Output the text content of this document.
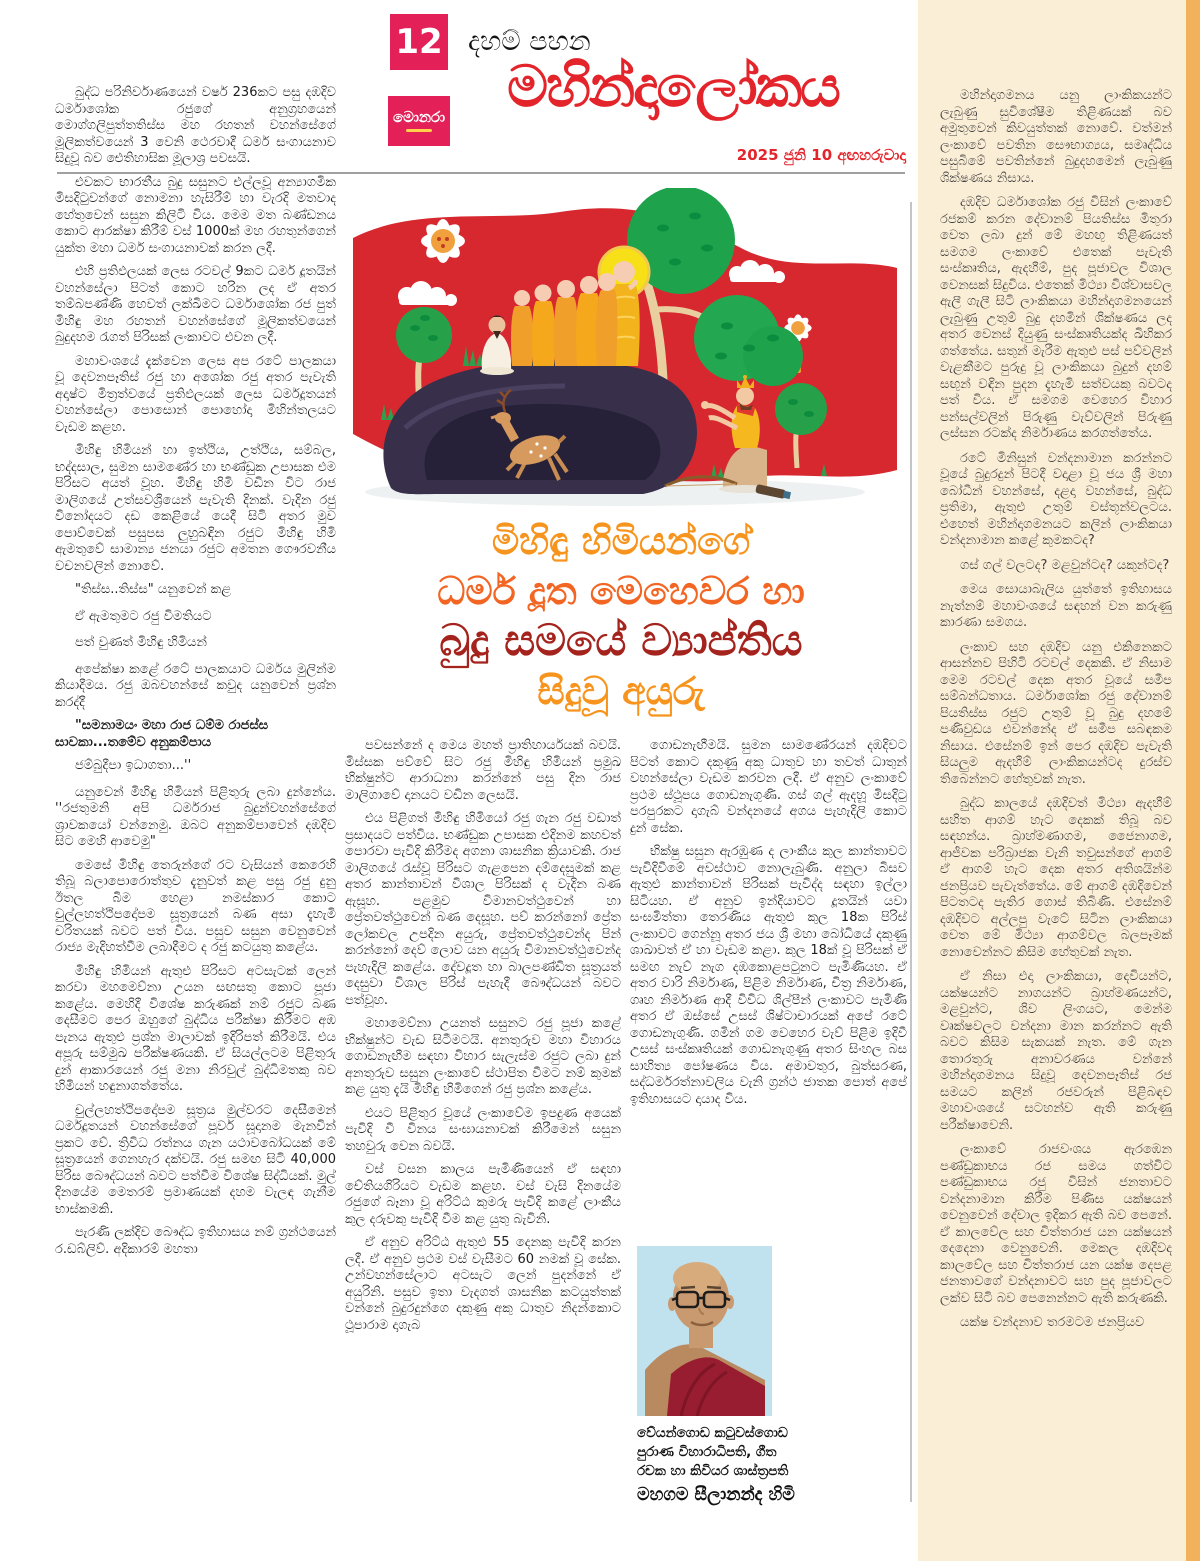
12
මොනරා
දහම් පහන
මහින්දාලෝකය
2025 ජුනි 10 අඟහරුවාදා
මිහිඳු හිමියන්ගේ
ධර්ම දූත මෙහෙවර හා
බුදු සමයේ ව්‍යාප්තිය
සිදුවූ අයුරු

බුද්ධ පරිනිර්වාණයෙන් වර්ෂ 236කට පසු දඹදිව ධර්මාශෝක රජුගේ අනුග්‍රහයෙන් මොග්ගලිපුත්තතිස්ස මහ රහතන් වහන්සේගේ මූලිකත්වයෙන් 3 වෙනි ථෙරවාදී ධර්ම සංගායනාව සිදුවූ බව ඓතිහාසික මූලාශ්‍ර පවසයි.

එවකට භාරතීය බුදු සසුනට එල්ලවූ අන්‍යාගමික මිසදිටුවන්ගේ නොමනා හැසිරීම් හා වැරදි මතවාද හේතුවෙන් සසුන කිලිටි විය. මෙම මත බණ්ඩනය කොට ආරක්ෂා කිරීම් වස් 1000ක් මහ රහතුන්ගෙන් යුක්ත මහා ධර්ම සංගායනාවක් කරන ලදී.

එහි ප්‍රතිඵලයක් ලෙස රටවල් 9කට ධර්ම දූතයින් වහන්සේලා පිටත් කොට හරින ලද ඒ අතර තම්බපණ්ණි හෙවත් ලක්ඛිමට ධර්මාශෝක රජ පුත් මිහිඳු මහ රහතන් වහන්සේගේ මූලිකත්වයෙන් බුදුදහම රැගත් පිරිසක් ලංකාවට එවන ලදී.

මහාවංශයේ දැක්වෙන ලෙස අප රටේ පාලකයා වූ දෙවනපෑතිස් රජු හා අශෝක රජු අතර පැවැති අදෘෂ්ට මිත්‍රත්වයේ ප්‍රතිඵලයක් ලෙස ධර්මදූතයන් වහන්සේලා පොසොන් පොහෝදා මිහින්තලයට වැඩම කළහ.

මිහිඳු හිමියන් හා ඉත්ථිය, උත්ථිය, සම්බල, භද්දසාල, සුමන සාමණේර හා භණ්ඩුක උපාසක එම පිරිසට අයත් වූහ. මිහිඳු හිමි වඩින විට රාජ මාලිගයේ උත්සවශ්‍රීයෙන් පැවැති දිනක්. වැදින රජු විනෝදයට දඩ කෙළියේ යෙදී සිටි අතර මුව පොව්වෙක් පසුපස ලුහුබඳින රජුට මිහිඳු හිමි ඇමතුවේ සාමාන්‍ය ජනයා රජුට අමතන ගෞරවනීය වචනවලින් නොවේ.

"තිස්ස..තිස්ස" යනුවෙන් කළ

ඒ ඇමතුමට රජු විමතියට

පත් වුණත් මිහිඳු හිමියන්

අපේක්ෂා කළේ රටේ පාලකයාට ධර්මය මුලින්ම කියාදීමය. රජු ඔබවහන්සේ කවුද යනුවෙන් ප්‍රශ්න කරද්දී

"සමනාමයං මහා රාජ ධම්ම රාජස්ස සාවකා...තමේව අනුකම්පාය

ජම්බුදීපා ඉධාගතා...''

යනුවෙන් මිහිඳු හිමියන් පිළිතුරු ලබා දුන්නේය. ''රජතුමනි අපි ධර්මරාජ බුදුන්වහන්සේගේ ශ්‍රාවකයෝ වන්නෙමු. ඔබට අනුකම්පාවෙන් දඹදිව සිට මෙහි ආවෙමු"

මෙසේ මිහිඳු තෙරුන්ගේ රට වැසියන් කෙරෙහි තිබූ බලාපොරොත්තුව දැනුවත් කළ පසු රජු දුනු ඊතල බිම හෙළා නමස්කාර කොට චුල්ලහත්ථිපදෝපම සූත්‍රයෙන් බණ අසා දැහැමි චරිතයක් බවට පත් විය. පසුව සසුන වෙනුවෙන් රාජ්‍ය මැදිහත්වීම ලබාදීමට ද රජු කටයුතු කළේය.

මිහිඳු හිමියන් ඇතුළු පිරිසට අටසැටක් ලෙන් කරවා මහමෙව්නා උයන සඟසතු කොට පූජා කළේය. මෙහිදී විශේෂ කරුණක් නම් රජුට බණ දෙසීමට පෙර ඔහුගේ බුද්ධිය පරීක්ෂා කිරීමට අඹ පැනය ඇතුළු ප්‍රශ්න මාලාවක් ඉදිරිපත් කිරීමයි. එය අපූරු සම්මුඛ පරීක්ෂණයකි. ඒ සියල්ලටම පිළිතුරු දුන් ආකාරයෙන් රජු මනා නිරවුල් බුද්ධිමතකු බව හිමියන් හඳුනාගත්තේය.

චුල්ලහත්ථිපදෝපම සූත්‍රය මුල්වරට දෙසීමෙන් ධර්මදූතයන් වහන්සේගේ පූර්ව සූදානම මැනවින් ප්‍රකට වේ. ත්‍රිවිධ රත්නය ගැන යථාවබෝධයක් මේ සූත්‍රයෙන් ගෙනහැර දක්වයි. රජු සමඟ සිටි 40,000 පිරිස බෞද්ධයන් බවට පත්වීම විශේෂ සිද්ධියක්. මුල් දිනයේම මෙතරම් ප්‍රමාණයක් දහම වැලඳ ගැනීම භාස්කමකි.

පැරණි ලක්දිව බෞද්ධ ඉතිහාසය නම් ග්‍රන්ථයෙන් ර.ඩබ්ලිව්. අදිකාරම් මහතා

පවසන්නේ ද මෙය මහත් ප්‍රාතිහාර්යයක් බවයි. මිස්සක පව්වේ සිට රජු මිහිඳු හිමියන් ප්‍රමුඛ භික්ෂුන්ට ආරාධනා කරන්නේ පසු දින රාජ මාලිගාවේ දානයට වඩින ලෙසයි.

එය පිළිගත් මිහිඳු හිමියෝ රජු ගැන රජු වඩාත් ප්‍රසාදයට පත්විය. භණ්ඩුක උපාසක එදිනම කහවත් පොරවා පැවිදි කිරීමද අගනා ශාසනික ක්‍රියාවකි. රාජ මාලිගයේ රැස්වූ පිරිසට ගැළපෙන දම්දෙසුමක් කළ අතර කාන්තාවන් විශාල පිරිසක් ද වැදින බණ ඇසූහ. පළමුව විමානවත්ථුවෙන් හා ප්‍රේතවත්ථුවෙන් බණ දෙසූහ. පව් කරන්නෝ ප්‍රේත ලෝකවල උපදින අයුරු, ප්‍රේතවත්ථුවෙන්ද පින් කරන්නෝ දෙව් ලොව යන අයුරු විමානවත්ථුවෙන්ද පැහැදිලි කළේය. දේවදූත හා බාලපණ්ඩිත සූත්‍රයත් දෙසුවා විශාල පිරිස් පැහැදී බෞද්ධයන් බවට පත්වූහ.

මහාමෙව්නා උයනත් සසුනට රජු පූජා කළේ භික්ෂුන්ට වැඩ සිටීමටයි. අනතුරුව මහා විහාරය ගොඩනැඟීම සඳහා විහාර සැලැස්ම රජුට ලබා දුන් අනතුරුව සසුන ලංකාවේ ස්ථාපිත වීමට නම් කුමක් කළ යුතු දැයි මිහිඳු හිමිගෙන් රජු ප්‍රශ්න කළේය.

එයට පිළිතුර වූයේ ලංකාවේම ඉපදුණ අයෙක් පැවිදි වී විනය සංඝායනාවක් කිරීමෙන් සසුන තහවුරු වෙන බවයි.

වස් වසන කාලය පැමිණියෙන් ඒ සඳහා චේතියගිරියට වැඩම කළහ. වස් වැසි දිනයේම රජුගේ බෑනා වූ අරිට්ඨ කුමරු පැවිදි කළේ ලාංකීය කුල දරුවකු පැවිදි වීම කළ යුතු බැවිනි.

ඒ අනුව අරිට්ඨ ඇතුළු 55 දෙනකු පැවිදි කරන ලදී. ඒ අනුව ප්‍රථම වස් වැසීමට 60 නමක් වූ සේක. උන්වහන්සේලාට අටසැට ලෙන් පුදන්නේ ඒ අයුරිනි. පසුව ඉතා වැදගත් ශාසනික කටයුත්තක් වන්නේ බුදුරදුන්ගෙ දකුණු අකු ධාතුව නිදන්කොට ථූපාරාම දාගැබ

ගොඩනැඟීමයි. සුමන සාමණේරයන් දඹදිවට පිටත් කොට දකුණු අකු ධාතුව හා තවත් ධාතුන් වහන්සේලා වැඩම කරවන ලදී. ඒ අනුව ලංකාවේ ප්‍රථම ස්ථූපය ගොඩනැගුණි. ගස් ගල් ඇදහූ මිසදිටු පරපුරකට දාගැබ් වන්දනයේ අගය පැහැදිලි කොට දුන් සේක.

භික්ෂු සසුන ඇරඹුණ ද ලාංකීය කුල කාන්තාවට පැවිදිවීමේ අවස්ථාව නොලැබුණි. අනුලා බිසව ඇතුළු කාන්තාවන් පිරිසක් පැවිද්ද සඳහා ඉල්ලා සිටියහ. ඒ අනුව ඉන්දියාවට දූතයින් යවා සංඝමිත්තා තෙරණිය ඇතුළු කුල 18ක පිරිස් ලංකාවට ගෙන්නූ අතර ජය ශ්‍රී මහා බෝධියේ දකුණු ශාඛාවත් ඒ හා වැඩම කළා. කුල 18ක් වූ පිරිසක් ඒ සමඟ නැව් නැග දඹකොළපටුනට පැමිණියහ. ඒ අතර වාරි නිර්මාණ, පිළිම නිර්මාණ, චිත්‍ර නිර්මාණ, ගෘහ නිර්මාණ ආදී විවිධ ශිල්පීන් ලංකාවට පැමිණි අතර ඒ ඔස්සේ උසස් ශිෂ්ටාචාරයක් අපේ රටේ ගොඩනැගුණි. ගමින් ගම වෙහෙර වැව් පිළිම ඉදිවී උසස් සංස්කෘතියක් ගොඩනැගුණු අතර සිංහල බස සාහිත්‍ය පෝෂණය විය. අමාවතුර, බුත්සරණ, සද්ධර්මරත්නාවලිය වැනි ග්‍රන්ථ ජාතක පොත් අපේ ඉතිහාසයට දායාද විය.

වේයන්ගොඩ කටුවස්ගොඩ
පුරාණ විහාරාධිපති, ගීත
රචක හා කිවියර ශාස්ත්‍රපති
මහගම සීලානන්ද හිමි

මහින්දාගමනය යනු ලාංකිකයන්ට ලැබුණු සුවිශේෂීම තිළිණයක් බව අමුතුවෙන් කිවයුත්තක් නොවේ. වත්මන් ලංකාවේ පවතින සෞභාග්‍යය, සමෘද්ධිය පසුබිමේ පවතින්නේ බුදුදහමෙන් ලැබුණු ශික්ෂණය නිසාය.

දඹදිව ධර්මාශෝක රජු විසින් ලංකාවේ රජකම් කරන දේවානම් පියතිස්ස මිතුරා වෙත ලබා දුන් මේ මහඟු තිළිණයත් සමගම ලංකාවේ එතෙක් පැවැති සංස්කෘතිය, ඇදහීම්, පුද පූජාවල විශාල වෙනසක් සිදුවිය. එතෙක් මිථ්‍යා විශ්වාසවල ඇලී ගැලී සිටි ලාංකිකයා මහින්දාගමනයෙන් ලැබුණු උතුම් බුදු දහමින් ශික්ෂණය ලද අතර වෙනස් දියුණු සංස්කෘතියක්ද ඛිහිකර ගත්තේය. සතුන් මැරීම ඇතුළු පස් පව්වලින් වැළකීමට පුරුදු වූ ලාංකිකයා බුදුන් දහම් සඟුන් වඳින පුදන දැහැමි සත්වයකු බවටද පත් විය. ඒ සමගම වෙහෙර විහාර පන්සල්වලින් පිරුණු වැව්වලින් පිරුණු ලස්සන රටක්ද නිර්මාණය කරගත්තේය.

රටේ මිනිසුන් වන්දනාමාන කරන්නට වූයේ බුදුරදුන් පිටදී වදාළා වූ ජය ශ්‍රී මහා බෝධීන් වහන්සේ, දළදා වහන්සේ, බුද්ධ ප්‍රතිමා, ඇතුළු උතුම් වස්තූන්වලටය. එහෙත් මහින්දාගමනයට කලින් ලාංකිකයා වන්දනාමාන කළේ කුමකටද?

ගස් ගල් වලටද? මළවුන්ටද? යකුන්ටද?

මෙය සොයාබැලිය යුත්තේ ඉතිහාසය නැත්නම් මහාවංශයේ සඳහන් වන කරුණු කාරණා සමගය.

ලංකාව සහ දඹදිව යනු එකිනෙකට ආසන්නව පිහිටි රටවල් දෙකකි. ඒ නිසාම මෙම රටවල් දෙක අතර වූයේ සමීප සම්බන්ධතාය. ධර්මාශෝක රජු දේවානම් පියතිස්ස රජුට උතුම් වූ බුදු දහමේ පණිවුඩය එවන්නේද ඒ සමීප සබඳකම නිසාය. එසේනම් ඉන් පෙර දඹදිව පැවැති සියලුම ඇදහීම් ලාංකිකයන්ටද දුරස්ව තිබෙන්නට හේතුවක් නැත.

බුද්ධ කාලයේ දඹදිවත් මිථ්‍යා ඇදහීම් සහිත ආගම් හැට දෙකක් තිබූ බව සඳහන්ය. බ්‍රාහ්මණාගම, ජෛනාගම, ආජීවක පරිබ්‍රාජක වැනි තවුසන්ගේ ආගම් ඒ ආගම් හැට දෙක අතර අතිශයින්ම ජනප්‍රියව පැවැත්තේය. මේ ආගම් දඹදිවෙන් පිටතටද පැතිර ගොස් තිබිණි. එසේනම් දඹදිවට අල්ලපු වැටේ සිටින ලාංකිකයා වෙත මේ මිථ්‍යා ආගම්වල බලපෑමක් නොවෙන්නට කිසිම හේතුවක් නැත.

ඒ නිසා එදා ලාංකිකයා, දෙවියන්ට, යක්ෂයන්ට නාගයන්ට බ්‍රාහ්මණයන්ට, මළවුන්ට, ශිව ලිංගයට, මෙන්ම වෘක්ෂවලට වන්දනා මාන කරන්නට ඇති බවට කිසිම සැකයක් නැත. මේ ගැන තොරතුරු අනාවරණය වන්නේ මහින්දාගමනය සිදුවූ දෙවනපෑතිස් රජ සමයට කලින් රජවරුන් පිළිබඳව මහාවංශයේ සටහන්ව ඇති කරුණු පරීක්ෂාවෙනි.

ලංකාවේ රාජවංශය ඇරඹෙන පණ්ඩුකාභය රජ සමය ගත්විට පණ්ඩුකාභය රජු විසින් ජනතාවට වන්දනාමාන කිරීම පිණිස යක්ෂයන් වෙනුවෙන් දේවාල ඉදිකර ඇති බව පෙනේ. ඒ කාලවේල සහ චිත්තරාජ යන යක්ෂයන් දෙදෙනා වෙනුවෙනි. මෙකල දඹදිවද කාලවේල සහ චිත්තරාජ යන යක්ෂ දෙපළ ජනතාවගේ වන්දනාවට සහ පුද පූජාවලට ලක්ව සිටි බව පෙනෙන්නට ඇති කරුණකි.

යක්ෂ වන්දනාව තරමටම ජනප්‍රියව
